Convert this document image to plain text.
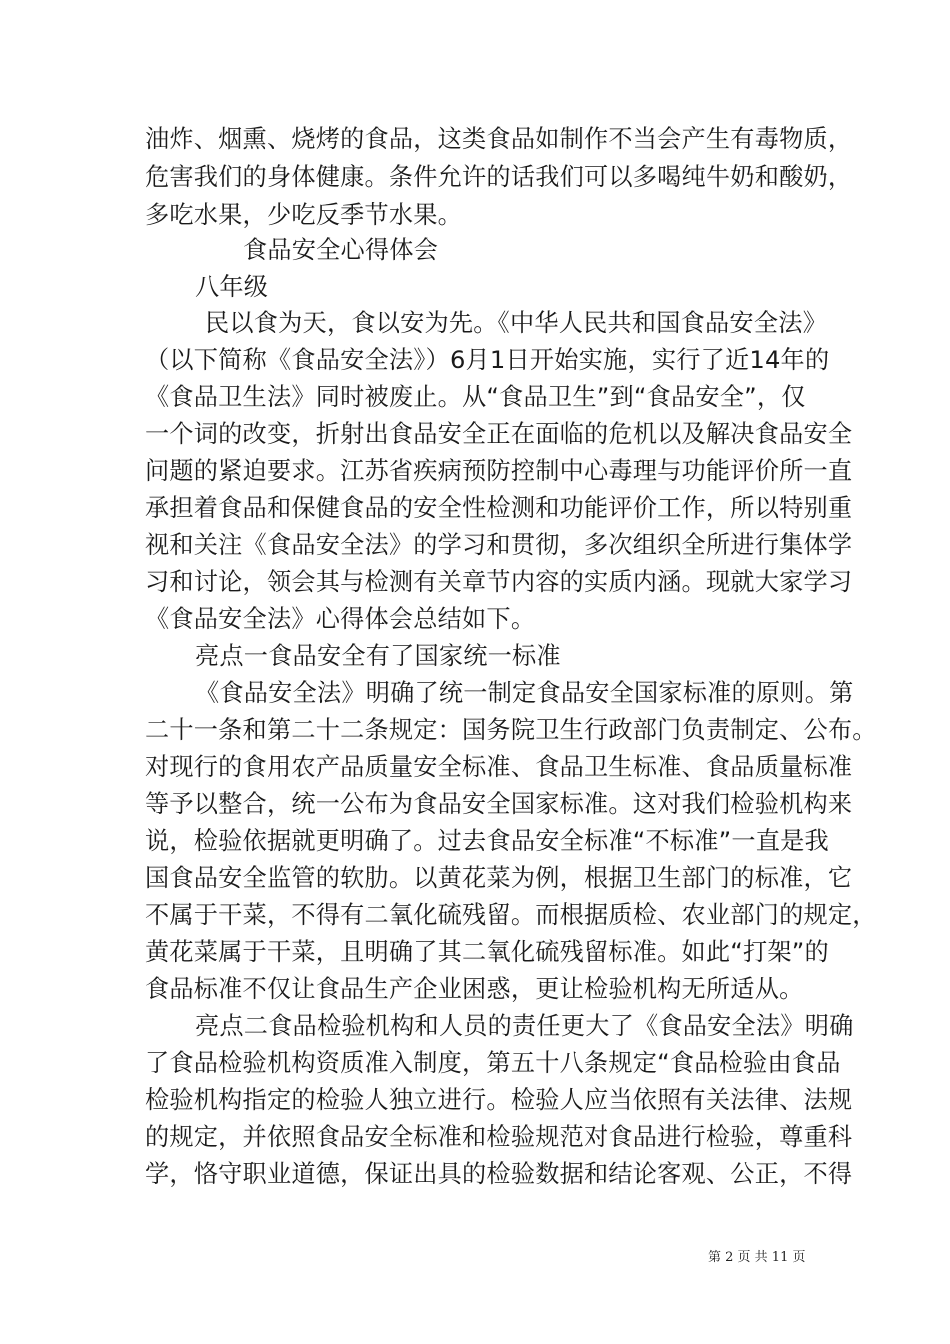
油炸、烟熏、烧烤的食品，这类食品如制作不当会产生有毒物质，
危害我们的身体健康。条件允许的话我们可以多喝纯牛奶和酸奶，
多吃水果，少吃反季节水果。
食品安全心得体会
八年级
民以食为天，食以安为先。《中华人民共和国食品安全法》
（以下简称《食品安全法》）6月1日开始实施，实行了近14年的
《食品卫生法》同时被废止。从“食品卫生”到“食品安全”，仅
一个词的改变，折射出食品安全正在面临的危机以及解决食品安全
问题的紧迫要求。江苏省疾病预防控制中心毒理与功能评价所一直
承担着食品和保健食品的安全性检测和功能评价工作，所以特别重
视和关注《食品安全法》的学习和贯彻，多次组织全所进行集体学
习和讨论，领会其与检测有关章节内容的实质内涵。现就大家学习
《食品安全法》心得体会总结如下。
亮点一食品安全有了国家统一标准
《食品安全法》明确了统一制定食品安全国家标准的原则。第
二十一条和第二十二条规定：国务院卫生行政部门负责制定、公布。
对现行的食用农产品质量安全标准、食品卫生标准、食品质量标准
等予以整合，统一公布为食品安全国家标准。这对我们检验机构来
说，检验依据就更明确了。过去食品安全标准“不标准”一直是我
国食品安全监管的软肋。以黄花菜为例，根据卫生部门的标准，它
不属于干菜，不得有二氧化硫残留。而根据质检、农业部门的规定，
黄花菜属于干菜，且明确了其二氧化硫残留标准。如此“打架”的
食品标准不仅让食品生产企业困惑，更让检验机构无所适从。
亮点二食品检验机构和人员的责任更大了《食品安全法》明确
了食品检验机构资质准入制度，第五十八条规定“食品检验由食品
检验机构指定的检验人独立进行。检验人应当依照有关法律、法规
的规定，并依照食品安全标准和检验规范对食品进行检验，尊重科
学，恪守职业道德，保证出具的检验数据和结论客观、公正，不得
第 2 页 共 11 页
